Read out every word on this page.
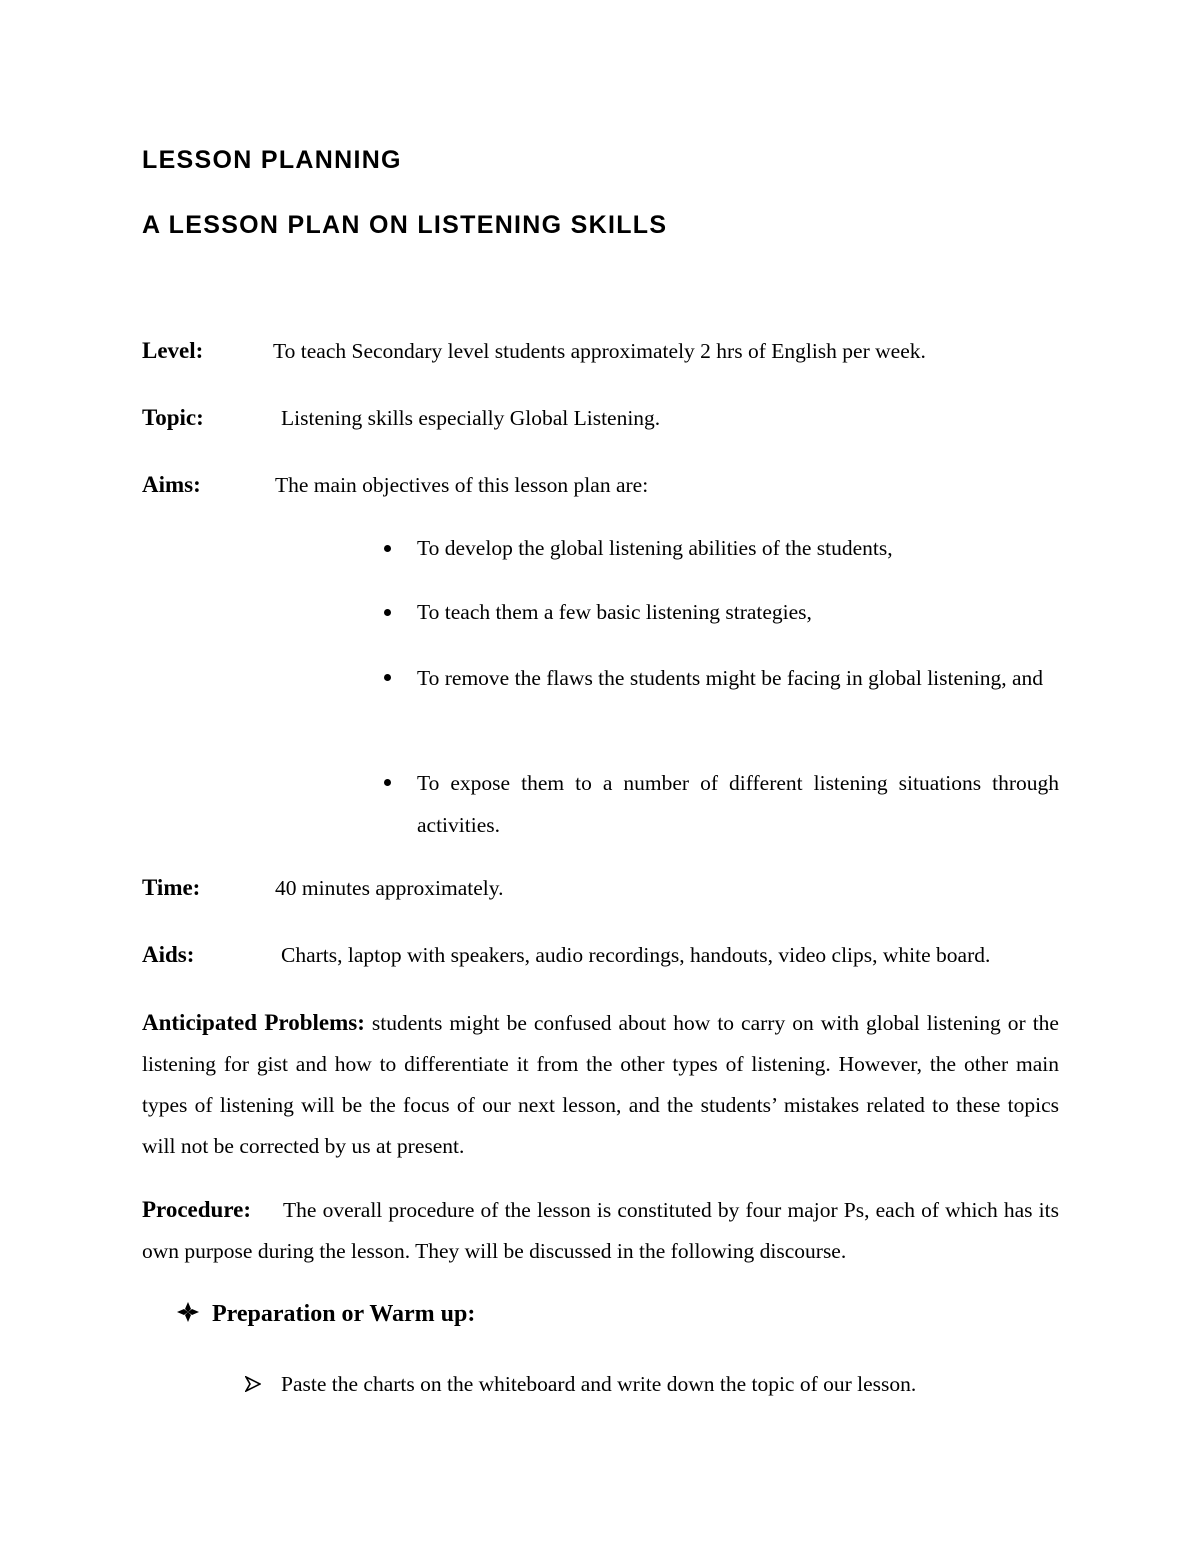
LESSON PLANNING
A LESSON PLAN ON LISTENING SKILLS
Level:	To teach Secondary level students approximately 2 hrs of English per week.
Topic:	Listening skills especially Global Listening.
Aims:	The main objectives of this lesson plan are:
To develop the global listening abilities of the students,
To teach them a few basic listening strategies,
To remove the flaws the students might be facing in global listening, and
To expose them to a number of different listening situations through activities.
Time:	40 minutes approximately.
Aids:	Charts, laptop with speakers, audio recordings, handouts, video clips, white board.
Anticipated Problems: students might be confused about how to carry on with global listening or the listening for gist and how to differentiate it from the other types of listening. However, the other main types of listening will be the focus of our next lesson, and the students’ mistakes related to these topics will not be corrected by us at present.
Procedure: The overall procedure of the lesson is constituted by four major Ps, each of which has its own purpose during the lesson. They will be discussed in the following discourse.
Preparation or Warm up:
Paste the charts on the whiteboard and write down the topic of our lesson.
